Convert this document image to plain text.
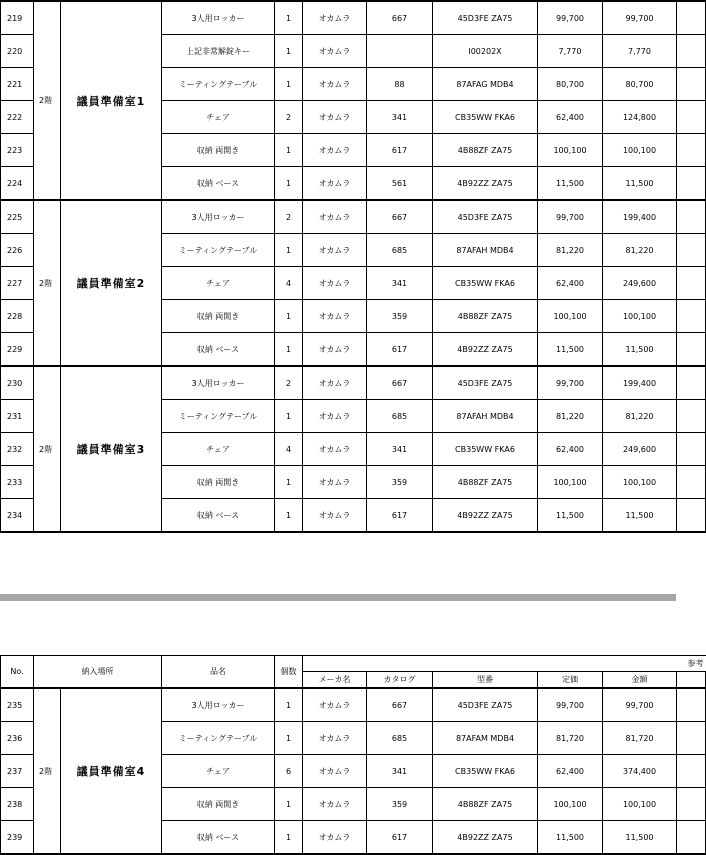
219	2階	議員準備室1	3人用ロッカー	1	オカムラ	667	45D3FE ZA75	99,700	99,700	
220			上記非常解錠キー	1	オカムラ		I00202X	7,770	7,770	
221			ミーティングテーブル	1	オカムラ	88	87AFAG MDB4	80,700	80,700	
222			チェア	2	オカムラ	341	CB35WW FKA6	62,400	124,800	
223			収納 両開き	1	オカムラ	617	4B88ZF ZA75	100,100	100,100	
224			収納 ベース	1	オカムラ	561	4B92ZZ ZA75	11,500	11,500	
225	2階	議員準備室2	3人用ロッカー	2	オカムラ	667	45D3FE ZA75	99,700	199,400	
226			ミーティングテーブル	1	オカムラ	685	87AFAH MDB4	81,220	81,220	
227			チェア	4	オカムラ	341	CB35WW FKA6	62,400	249,600	
228			収納 両開き	1	オカムラ	359	4B88ZF ZA75	100,100	100,100	
229			収納 ベース	1	オカムラ	617	4B92ZZ ZA75	11,500	11,500	
230	2階	議員準備室3	3人用ロッカー	2	オカムラ	667	45D3FE ZA75	99,700	199,400	
231			ミーティングテーブル	1	オカムラ	685	87AFAH MDB4	81,220	81,220	
232			チェア	4	オカムラ	341	CB35WW FKA6	62,400	249,600	
233			収納 両開き	1	オカムラ	359	4B88ZF ZA75	100,100	100,100	
234			収納 ベース	1	オカムラ	617	4B92ZZ ZA75	11,500	11,500	
No.	納入場所		品名	個数	参考					
					メーカ名	カタログ	型番	定価	金額	
235	2階	議員準備室4	3人用ロッカー	1	オカムラ	667	45D3FE ZA75	99,700	99,700	
236			ミーティングテーブル	1	オカムラ	685	87AFAM MDB4	81,720	81,720	
237			チェア	6	オカムラ	341	CB35WW FKA6	62,400	374,400	
238			収納 両開き	1	オカムラ	359	4B88ZF ZA75	100,100	100,100	
239			収納 ベース	1	オカムラ	617	4B92ZZ ZA75	11,500	11,500	
